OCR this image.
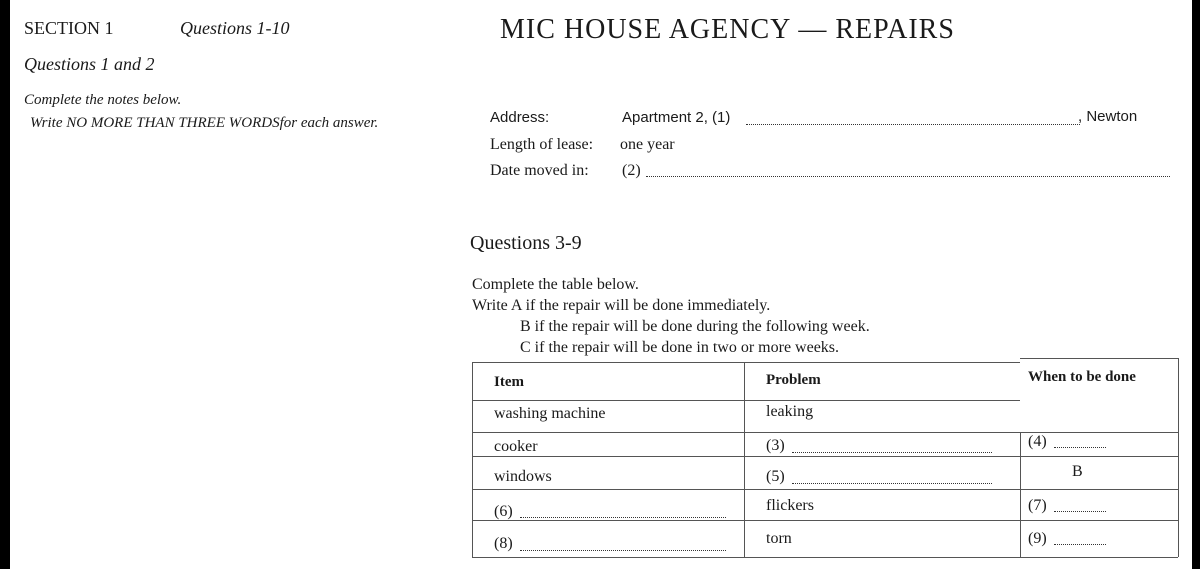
SECTION 1	Questions 1-10	MIC HOUSE AGENCY — REPAIRS
Questions 1 and 2
Complete the notes below.
Write NO MORE THAN THREE WORDSfor each answer.	Address:	Apartment 2, (1)	, Newton
Length of lease: one year
Date moved in: (2)
Questions 3-9
Complete the table below.
Write A if the repair will be done immediately.
B if the repair will be done during the following week.
C if the repair will be done in two or more weeks.
Item	Problem	When to be done
washing machine	leaking
cooker	(3)	(4)
windows	(5)	B
(6)	flickers	(7)
(8)	torn	(9)
